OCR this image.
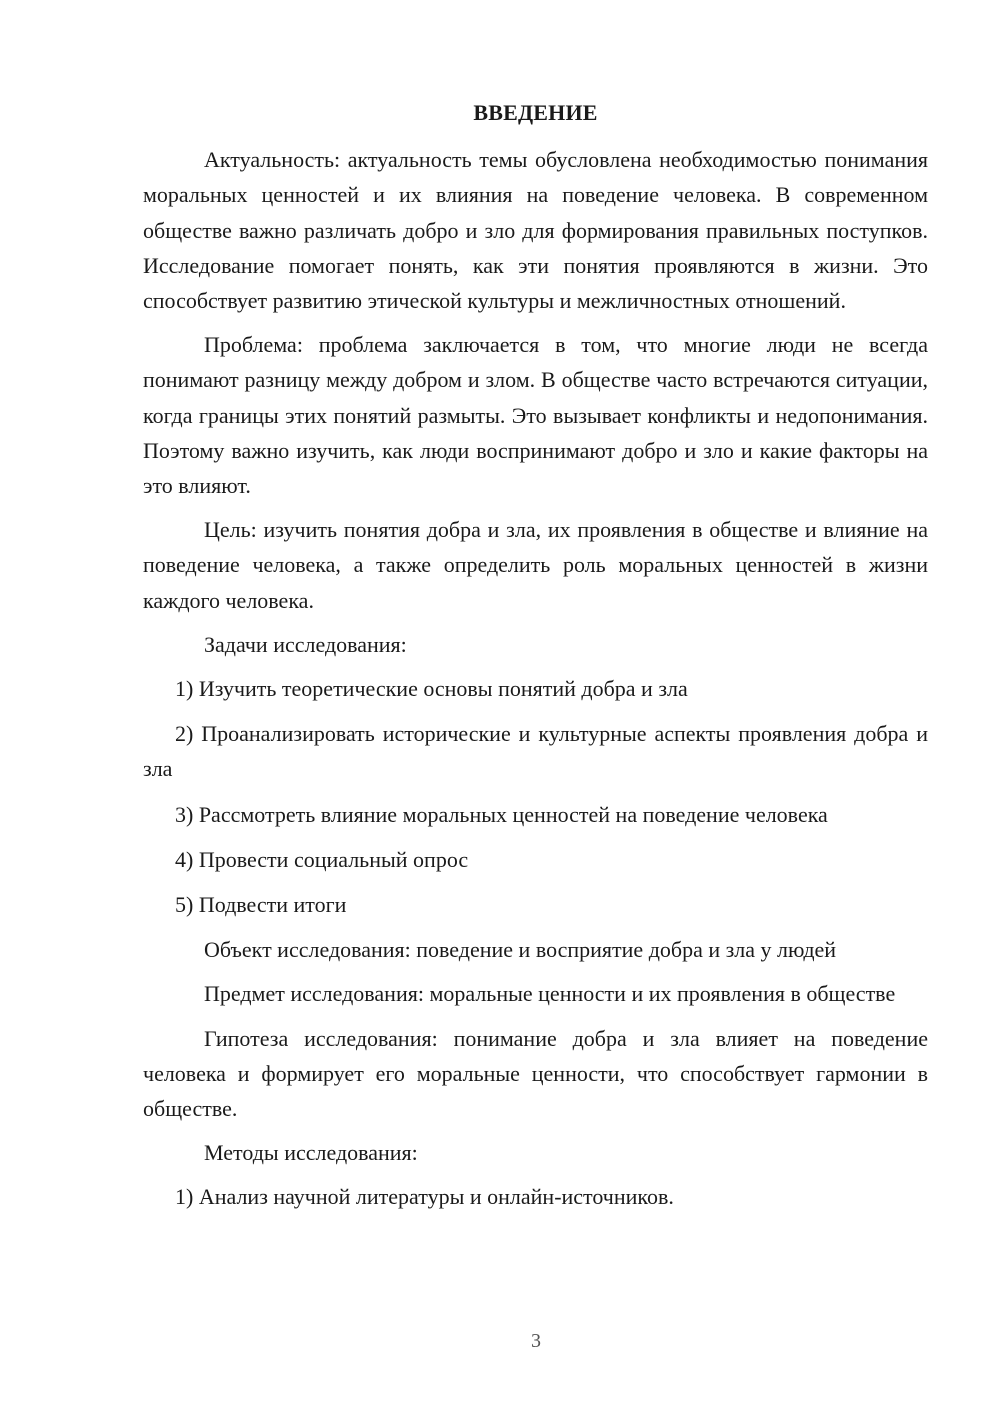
ВВЕДЕНИЕ
Актуальность: актуальность темы обусловлена необходимостью понимания моральных ценностей и их влияния на поведение человека. В современном обществе важно различать добро и зло для формирования правильных поступков. Исследование помогает понять, как эти понятия проявляются в жизни. Это способствует развитию этической культуры и межличностных отношений.
Проблема: проблема заключается в том, что многие люди не всегда понимают разницу между добром и злом. В обществе часто встречаются ситуации, когда границы этих понятий размыты. Это вызывает конфликты и недопонимания. Поэтому важно изучить, как люди воспринимают добро и зло и какие факторы на это влияют.
Цель: изучить понятия добра и зла, их проявления в обществе и влияние на поведение человека, а также определить роль моральных ценностей в жизни каждого человека.
Задачи исследования:
1) Изучить теоретические основы понятий добра и зла
2) Проанализировать исторические и культурные аспекты проявления добра и зла
3) Рассмотреть влияние моральных ценностей на поведение человека
4) Провести социальный опрос
5) Подвести итоги
Объект исследования: поведение и восприятие добра и зла у людей
Предмет исследования: моральные ценности и их проявления в обществе
Гипотеза исследования: понимание добра и зла влияет на поведение человека и формирует его моральные ценности, что способствует гармонии в обществе.
Методы исследования:
1) Анализ научной литературы и онлайн-источников.
3
